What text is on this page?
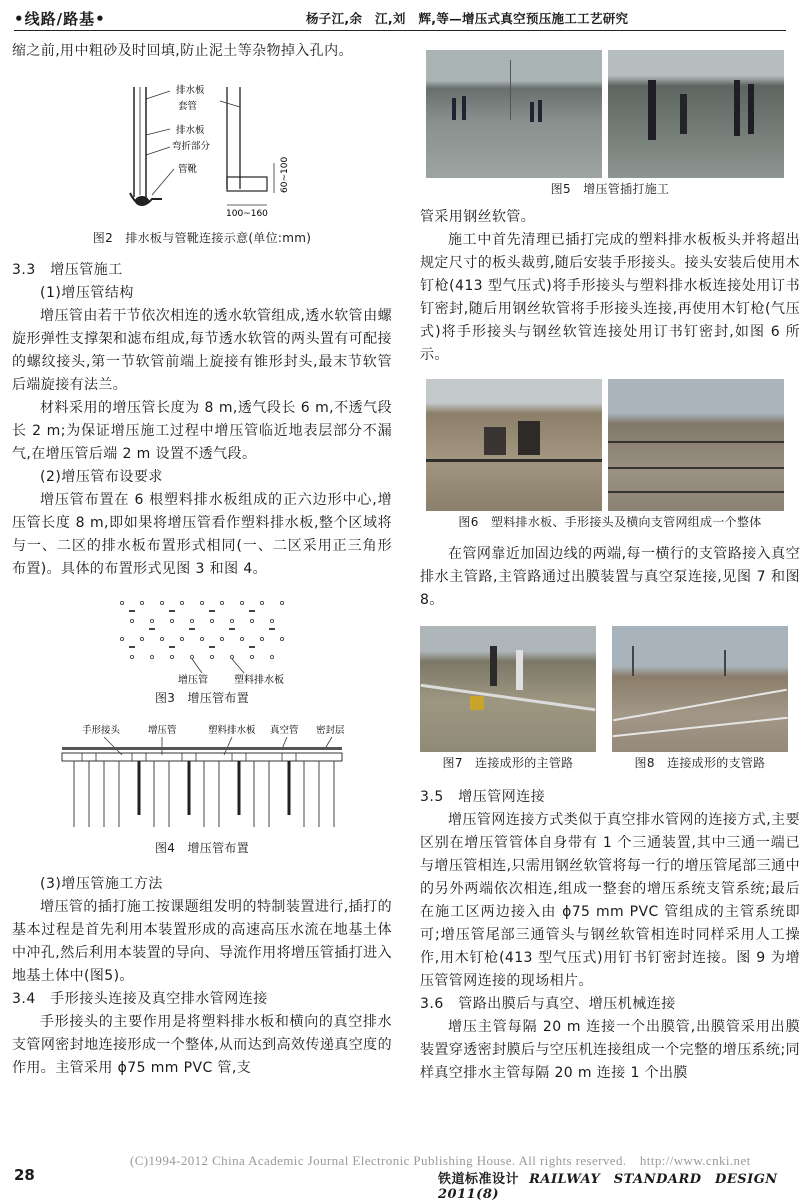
•线路/路基•	杨子江,余　江,刘　辉,等—增压式真空预压施工工艺研究

缩之前,用中粗砂及时回填,防止泥土等杂物掉入孔内。

排水板
套管
排水板
弯折部分
管靴	60~100
100~160

图2　排水板与管靴连接示意(单位:mm)

3.3　增压管施工

(1)增压管结构

增压管由若干节依次相连的透水软管组成,透水软管由螺旋形弹性支撑架和滤布组成,每节透水软管的两头置有可配接的螺纹接头,第一节软管前端上旋接有锥形封头,最末节软管后端旋接有法兰。

材料采用的增压管长度为 8 m,透气段长 6 m,不透气段长 2 m;为保证增压施工过程中增压管临近地表层部分不漏气,在增压管后端 2 m 设置不透气段。

(2)增压管布设要求

增压管布置在 6 根塑料排水板组成的正六边形中心,增压管长度 8 m,即如果将增压管看作塑料排水板,整个区域将与一、二区的排水板布置形式相同(一、二区采用正三角形布置)。具体的布置形式见图 3 和图 4。

增压管	塑料排水板

图3　增压管布置

手形接头	增压管	塑料排水板 真空管 密封层

图4　增压管布置

(3)增压管施工方法

增压管的插打施工按课题组发明的特制装置进行,插打的基本过程是首先利用本装置形成的高速高压水流在地基土体中冲孔,然后利用本装置的导向、导流作用将增压管插打进入地基土体中(图5)。

3.4　手形接头连接及真空排水管网连接

手形接头的主要作用是将塑料排水板和横向的真空排水支管网密封地连接形成一个整体,从而达到高效传递真空度的作用。主管采用 ϕ75 mm PVC 管,支

图5　增压管插打施工

管采用钢丝软管。

施工中首先清理已插打完成的塑料排水板板头并将超出规定尺寸的板头裁剪,随后安装手形接头。接头安装后使用木钉枪(413 型气压式)将手形接头与塑料排水板连接处用订书钉密封,随后用钢丝软管将手形接头连接,再使用木钉枪(气压式)将手形接头与钢丝软管连接处用订书钉密封,如图 6 所示。

图6　塑料排水板、手形接头及横向支管网组成一个整体

在管网靠近加固边线的两端,每一横行的支管路接入真空排水主管路,主管路通过出膜装置与真空泵连接,见图 7 和图 8。

图7　连接成形的主管路	图8　连接成形的支管路

3.5　增压管网连接

增压管网连接方式类似于真空排水管网的连接方式,主要区别在增压管管体自身带有 1 个三通装置,其中三通一端已与增压管相连,只需用钢丝软管将每一行的增压管尾部三通中的另外两端依次相连,组成一整套的增压系统支管系统;最后在施工区两边接入由 ϕ75 mm PVC 管组成的主管系统即可;增压管尾部三通管头与钢丝软管相连时同样采用人工操作,用木钉枪(413 型气压式)用钉书钉密封连接。图 9 为增压管管网连接的现场相片。

3.6　管路出膜后与真空、增压机械连接

增压主管每隔 20 m 连接一个出膜管,出膜管采用出膜装置穿透密封膜后与空压机连接组成一个完整的增压系统;同样真空排水主管每隔 20 m 连接 1 个出膜

(C)1994-2012 China Academic Journal Electronic Publishing House. All rights reserved.　http://www.cnki.net
28	铁道标准设计 RAILWAY　STANDARD　DESIGN　2011(8)
